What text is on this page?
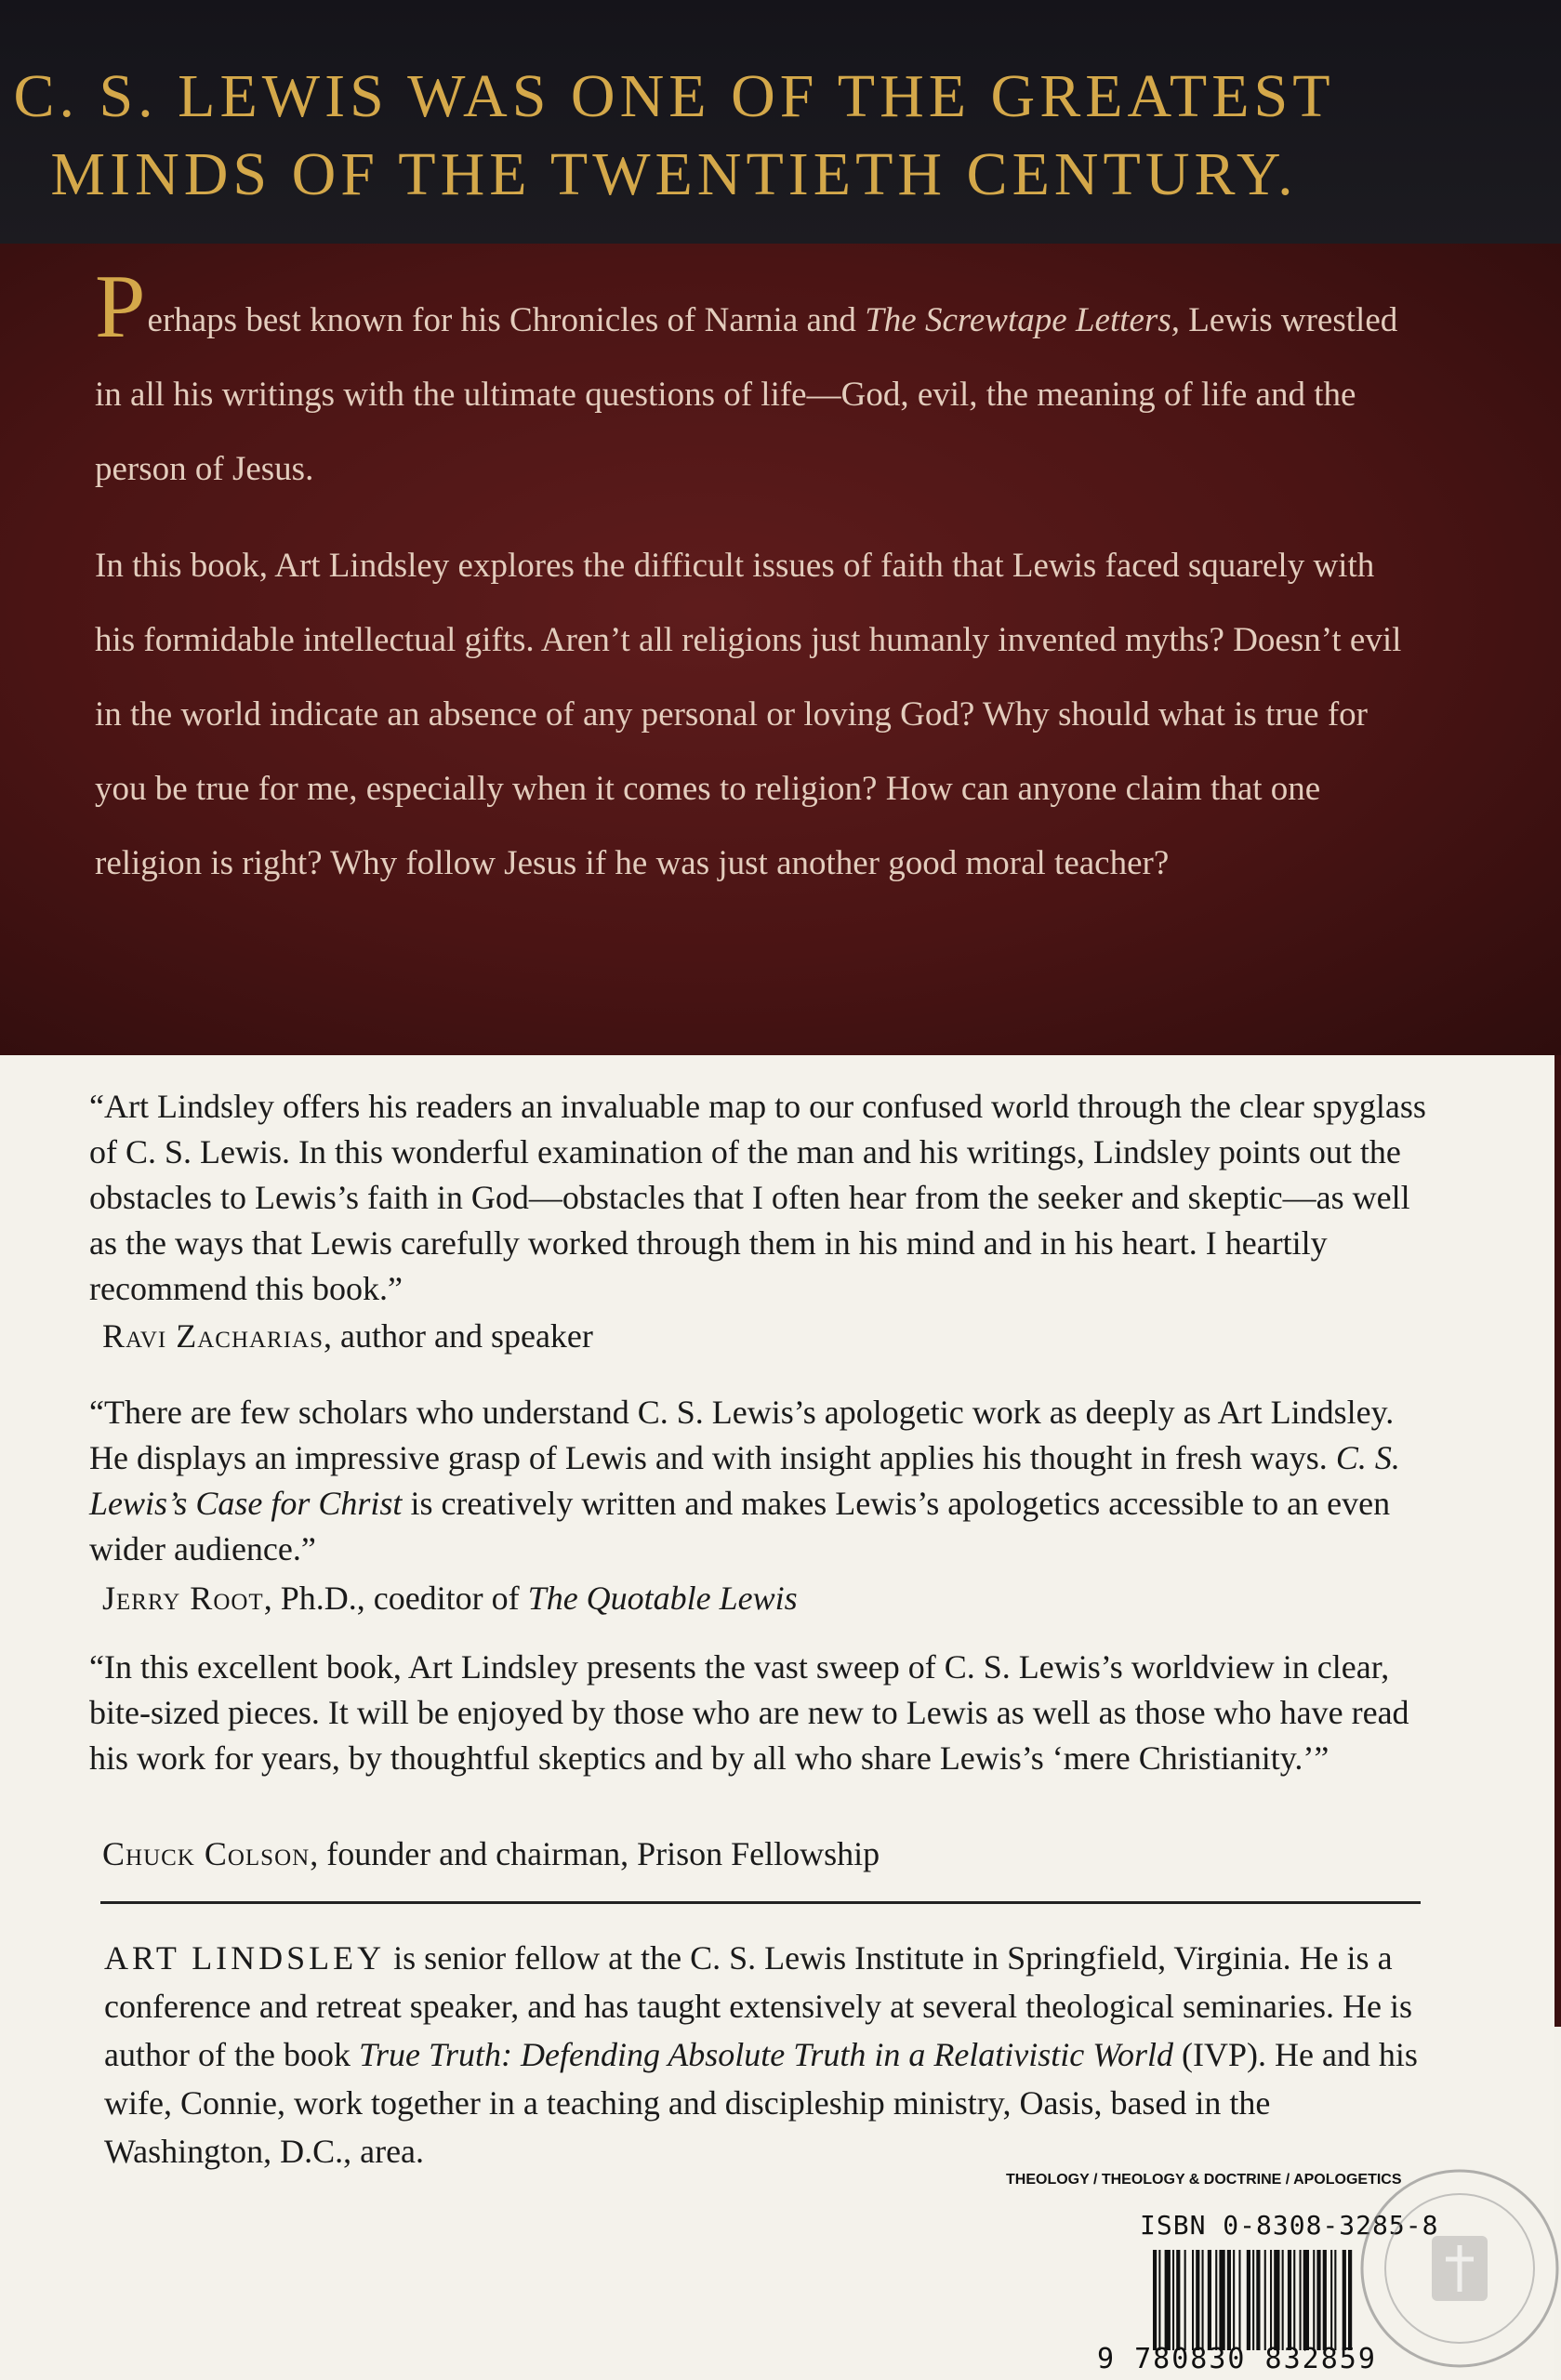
C. S. LEWIS WAS ONE OF THE GREATEST
MINDS OF THE TWENTIETH CENTURY.

Perhaps best known for his Chronicles of Narnia and The Screwtape Letters, Lewis wrestled in all his writings with the ultimate questions of life—God, evil, the meaning of life and the person of Jesus.

In this book, Art Lindsley explores the difficult issues of faith that Lewis faced squarely with his formidable intellectual gifts. Aren’t all religions just humanly invented myths? Doesn’t evil in the world indicate an absence of any personal or loving God? Why should what is true for you be true for me, especially when it comes to religion? How can anyone claim that one religion is right? Why follow Jesus if he was just another good moral teacher?

“Art Lindsley offers his readers an invaluable map to our confused world through the clear spyglass of C. S. Lewis. In this wonderful examination of the man and his writings, Lindsley points out the obstacles to Lewis’s faith in God—obstacles that I often hear from the seeker and skeptic—as well as the ways that Lewis carefully worked through them in his mind and in his heart. I heartily recommend this book.”
Ravi Zacharias, author and speaker
“There are few scholars who understand C. S. Lewis’s apologetic work as deeply as Art Lindsley. He displays an impressive grasp of Lewis and with insight applies his thought in fresh ways. C. S. Lewis’s Case for Christ is creatively written and makes Lewis’s apologetics accessible to an even wider audience.”
Jerry Root, Ph.D., coeditor of The Quotable Lewis
“In this excellent book, Art Lindsley presents the vast sweep of C. S. Lewis’s worldview in clear, bite-sized pieces. It will be enjoyed by those who are new to Lewis as well as those who have read his work for years, by thoughtful skeptics and by all who share Lewis’s ‘mere Christianity.’”
Chuck Colson, founder and chairman, Prison Fellowship
ART LINDSLEY is senior fellow at the C. S. Lewis Institute in Springfield, Virginia. He is a conference and retreat speaker, and has taught extensively at several theological seminaries. He is author of the book True Truth: Defending Absolute Truth in a Relativistic World (IVP). He and his wife, Connie, work together in a teaching and discipleship ministry, Oasis, based in the Washington, D.C., area.
THEOLOGY / THEOLOGY & DOCTRINE / APOLOGETICS
ISBN 0-8308-3285-8
9 780830 832859
